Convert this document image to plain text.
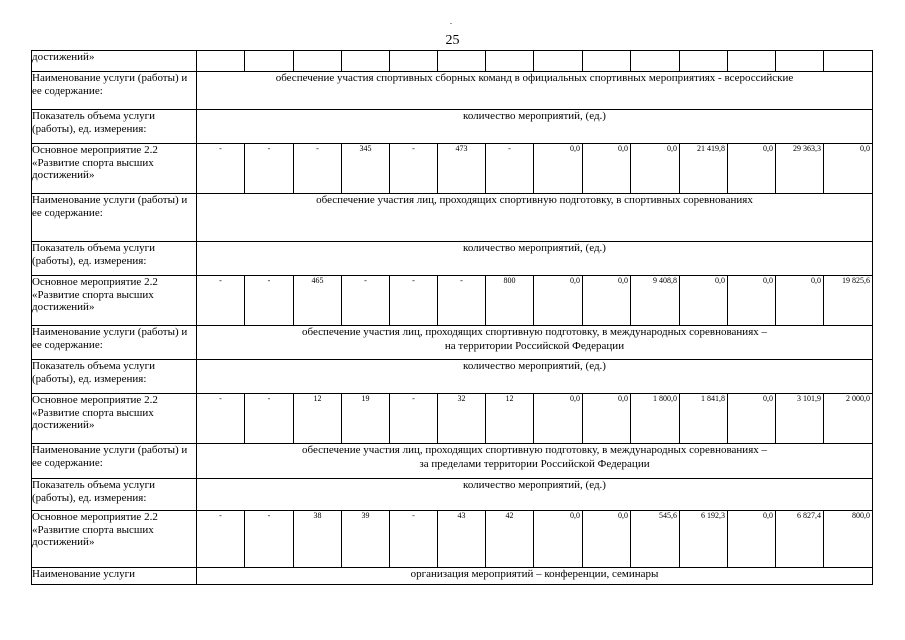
25
достижений»														
Наименование услуги (работы) и ее содержание:	обеспечение участия спортивных сборных команд в официальных спортивных мероприятиях - всероссийские													

Показатель объема услуги (работы), ед. измерения:	количество мероприятий, (ед.)													
Основное мероприятие 2.2 «Развитие спорта высших достижений»	-	-	-	345	-	473	-	0,0	0,0	0,0	21 419,8	0,0	29 363,3	0,0
Наименование услуги (работы) и ее содержание:	обеспечение участия лиц, проходящих спортивную подготовку, в спортивных соревнованиях													

Показатель объема услуги (работы), ед. измерения:	количество мероприятий, (ед.)													
Основное мероприятие 2.2 «Развитие спорта высших достижений»	-	-	465	-	-	-	800	0,0	0,0	9 408,8	0,0	0,0	0,0	19 825,6
Наименование услуги (работы) и ее содержание:	обеспечение участия лиц, проходящих спортивную подготовку, в международных соревнованиях –
на территории Российской Федерации													

Показатель объема услуги (работы), ед. измерения:	количество мероприятий, (ед.)													
Основное мероприятие 2.2 «Развитие спорта высших достижений»	-	-	12	19	-	32	12	0,0	0,0	1 800,0	1 841,8	0,0	3 101,9	2 000,0
Наименование услуги (работы) и ее содержание:	обеспечение участия лиц, проходящих спортивную подготовку, в международных соревнованиях –
за пределами территории Российской Федерации													

Показатель объема услуги (работы), ед. измерения:	количество мероприятий, (ед.)													
Основное мероприятие 2.2 «Развитие спорта высших достижений»	-	-	38	39	-	43	42	0,0	0,0	545,6	6 192,3	0,0	6 827,4	800,0
Наименование услуги	организация мероприятий – конференции, семинары													
